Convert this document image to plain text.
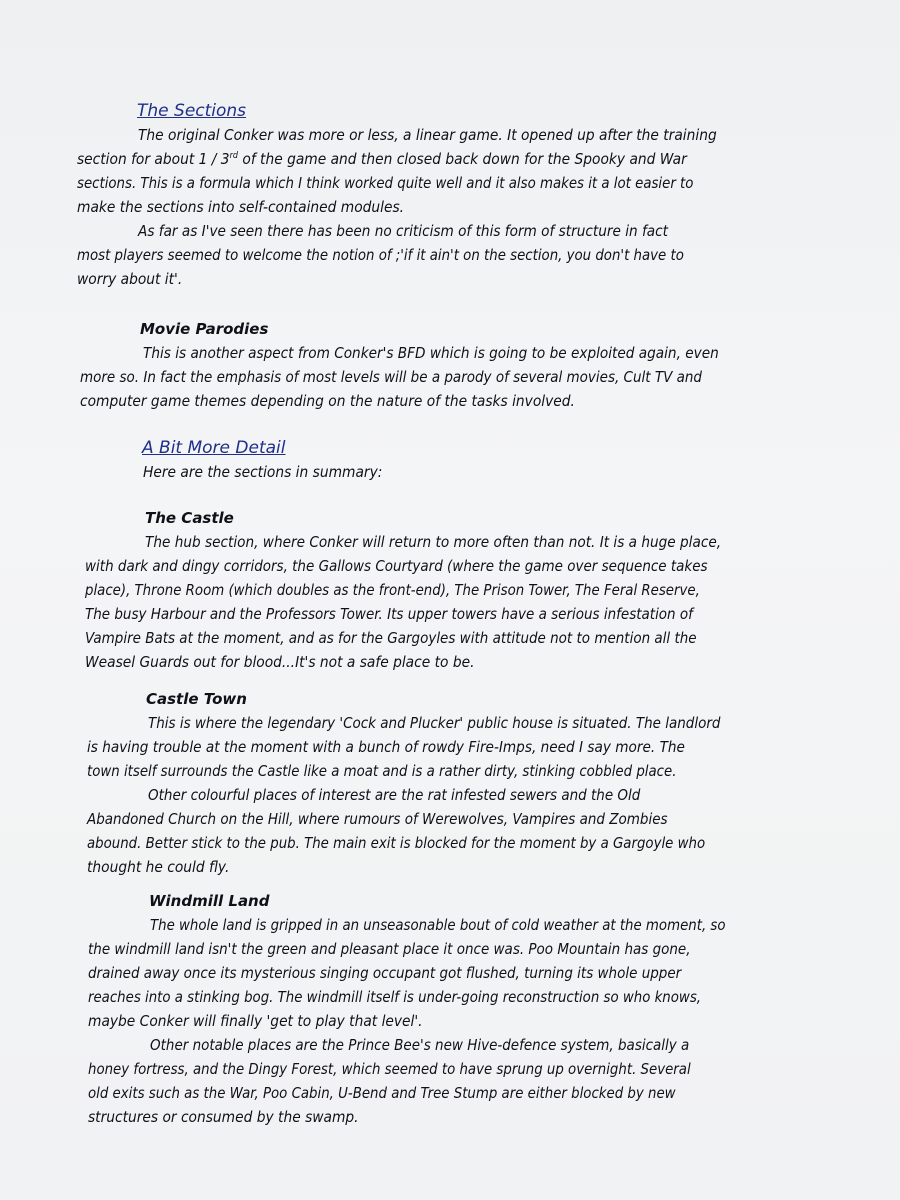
The Sections
The original Conker was more or less, a linear game. It opened up after the training
section for about 1 / 3rd of the game and then closed back down for the Spooky and War
sections. This is a formula which I think worked quite well and it also makes it a lot easier to
make the sections into self-contained modules.
As far as I've seen there has been no criticism of this form of structure in fact
most players seemed to welcome the notion of ;'if it ain't on the section, you don't have to
worry about it'.
Movie Parodies
This is another aspect from Conker's BFD which is going to be exploited again, even
more so. In fact the emphasis of most levels will be a parody of several movies, Cult TV and
computer game themes depending on the nature of the tasks involved.
A Bit More Detail
Here are the sections in summary:
The Castle
The hub section, where Conker will return to more often than not. It is a huge place,
with dark and dingy corridors, the Gallows Courtyard (where the game over sequence takes
place), Throne Room (which doubles as the front-end), The Prison Tower, The Feral Reserve,
The busy Harbour and the Professors Tower. Its upper towers have a serious infestation of
Vampire Bats at the moment, and as for the Gargoyles with attitude not to mention all the
Weasel Guards out for blood...It's not a safe place to be.
Castle Town
This is where the legendary 'Cock and Plucker' public house is situated. The landlord
is having trouble at the moment with a bunch of rowdy Fire-Imps, need I say more. The
town itself surrounds the Castle like a moat and is a rather dirty, stinking cobbled place.
Other colourful places of interest are the rat infested sewers and the Old
Abandoned Church on the Hill, where rumours of Werewolves, Vampires and Zombies
abound. Better stick to the pub. The main exit is blocked for the moment by a Gargoyle who
thought he could fly.
Windmill Land
The whole land is gripped in an unseasonable bout of cold weather at the moment, so
the windmill land isn't the green and pleasant place it once was. Poo Mountain has gone,
drained away once its mysterious singing occupant got flushed, turning its whole upper
reaches into a stinking bog. The windmill itself is under-going reconstruction so who knows,
maybe Conker will finally 'get to play that level'.
Other notable places are the Prince Bee's new Hive-defence system, basically a
honey fortress, and the Dingy Forest, which seemed to have sprung up overnight. Several
old exits such as the War, Poo Cabin, U-Bend and Tree Stump are either blocked by new
structures or consumed by the swamp.
